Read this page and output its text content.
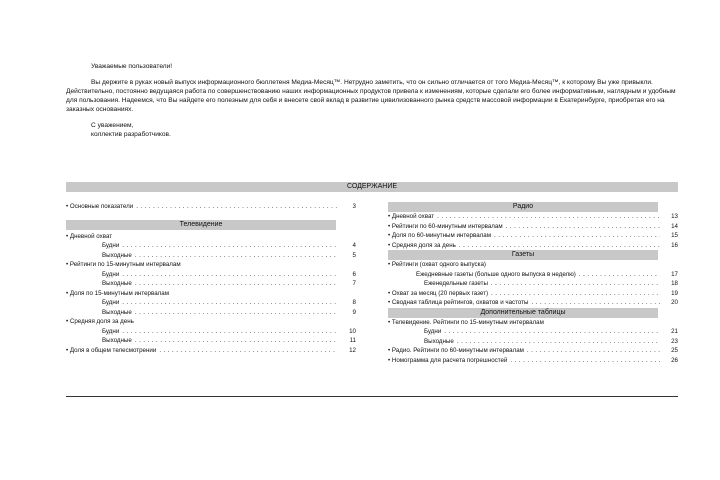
Уважаемые пользователи!

Вы держите в руках новый выпуск информационного бюллетеня Медиа-Месяц™. Нетрудно заметить, что он сильно отличается от того Медиа-Месяц™, к которому Вы уже привыкли. Действительно, постоянно ведущаяся работа по совершенствованию наших информационных продуктов привела к изменениям, которые сделали его более информативным, наглядным и удобным для пользования. Надеемся, что Вы найдете его полезным для себя и внесете свой вклад в развитие цивилизованного рынка средств массовой информации в Екатеринбурге, приобретая его на заказных основаниях.

С уважением,

коллектив разработчиков.

СОДЕРЖАНИЕ
• Основные показатели . . .	3
Телевидение
• Дневной охват
Будни . . .	4
Выходные . . .	5
• Рейтинги по 15-минутным интервалам
Будни . . .	6
Выходные . . .	7
• Доля по 15-минутным интервалам
Будни . . .	8
Выходные . . .	9
• Средняя доля за день
Будни . . .	10
Выходные . . .	11
• Доля в общем телесмотрении . . .	12
Радио
• Дневной охват . . .	13
• Рейтинги по 60-минутным интервалам . . .	14
• Доля по 60-минутным интервалам . . .	15
• Средняя доля за день . . .	16
Газеты
• Рейтинги (охват одного выпуска)
Ежедневные газеты (больше одного выпуска в неделю) . . .	17
Еженедельные газеты . . .	18
• Охват за месяц (20 первых газет) . . .	19
• Сводная таблица рейтингов, охватов и частоты . . .	20
Дополнительные таблицы
• Телевидение. Рейтинги по 15-минутным интервалам
Будни . . .	21
Выходные . . .	23
• Радио. Рейтинги по 60-минутным интервалам . . .	25
• Номограмма для расчета погрешностей . . .	26
